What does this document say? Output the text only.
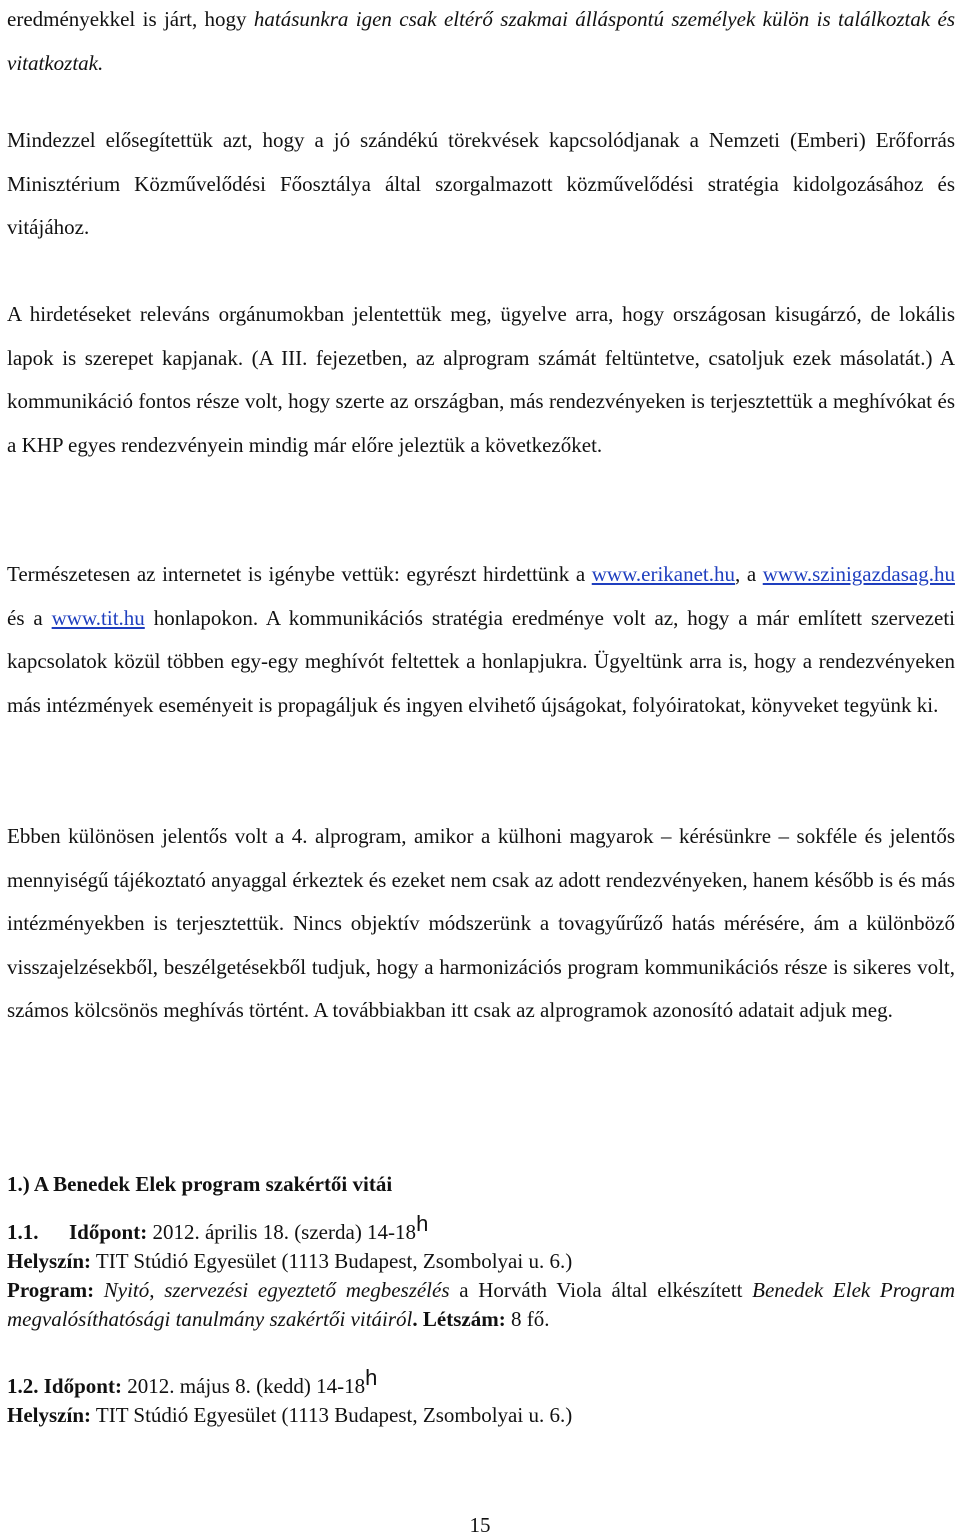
eredményekkel is járt, hogy hatásunkra igen csak eltérő szakmai álláspontú személyek külön is találkoztak és vitatkoztak.

Mindezzel elősegítettük azt, hogy a jó szándékú törekvések kapcsolódjanak a Nemzeti (Emberi) Erőforrás Minisztérium Közművelődési Főosztálya által szorgalmazott közművelődési stratégia kidolgozásához és vitájához.

A hirdetéseket releváns orgánumokban jelentettük meg, ügyelve arra, hogy országosan kisugárzó, de lokális lapok is szerepet kapjanak. (A III. fejezetben, az alprogram számát feltüntetve, csatoljuk ezek másolatát.) A kommunikáció fontos része volt, hogy szerte az országban, más rendezvényeken is terjesztettük a meghívókat és a KHP egyes rendezvényein mindig már előre jeleztük a következőket.

Természetesen az internetet is igénybe vettük: egyrészt hirdettünk a www.erikanet.hu, a www.szinigazdasag.hu és a www.tit.hu honlapokon. A kommunikációs stratégia eredménye volt az, hogy a már említett szervezeti kapcsolatok közül többen egy-egy meghívót feltettek a honlapjukra. Ügyeltünk arra is, hogy a rendezvényeken más intézmények eseményeit is propagáljuk és ingyen elvihető újságokat, folyóiratokat, könyveket tegyünk ki.

Ebben különösen jelentős volt a 4. alprogram, amikor a külhoni magyarok – kérésünkre – sokféle és jelentős mennyiségű tájékoztató anyaggal érkeztek és ezeket nem csak az adott rendezvényeken, hanem később is és más intézményekben is terjesztettük. Nincs objektív módszerünk a tovagyűrűző hatás mérésére, ám a különböző visszajelzésekből, beszélgetésekből tudjuk, hogy a harmonizációs program kommunikációs része is sikeres volt, számos kölcsönös meghívás történt. A továbbiakban itt csak az alprogramok azonosító adatait adjuk meg.

1.) A Benedek Elek program szakértői vitái

1.1. Időpont: 2012. április 18. (szerda) 14-18h

Helyszín: TIT Stúdió Egyesület (1113 Budapest, Zsombolyai u. 6.)

Program: Nyitó, szervezési egyeztető megbeszélés a Horváth Viola által elkészített Benedek Elek Program megvalósíthatósági tanulmány szakértői vitáiról. Létszám: 8 fő.

1.2. Időpont: 2012. május 8. (kedd) 14-18h

Helyszín: TIT Stúdió Egyesület (1113 Budapest, Zsombolyai u. 6.)

15
